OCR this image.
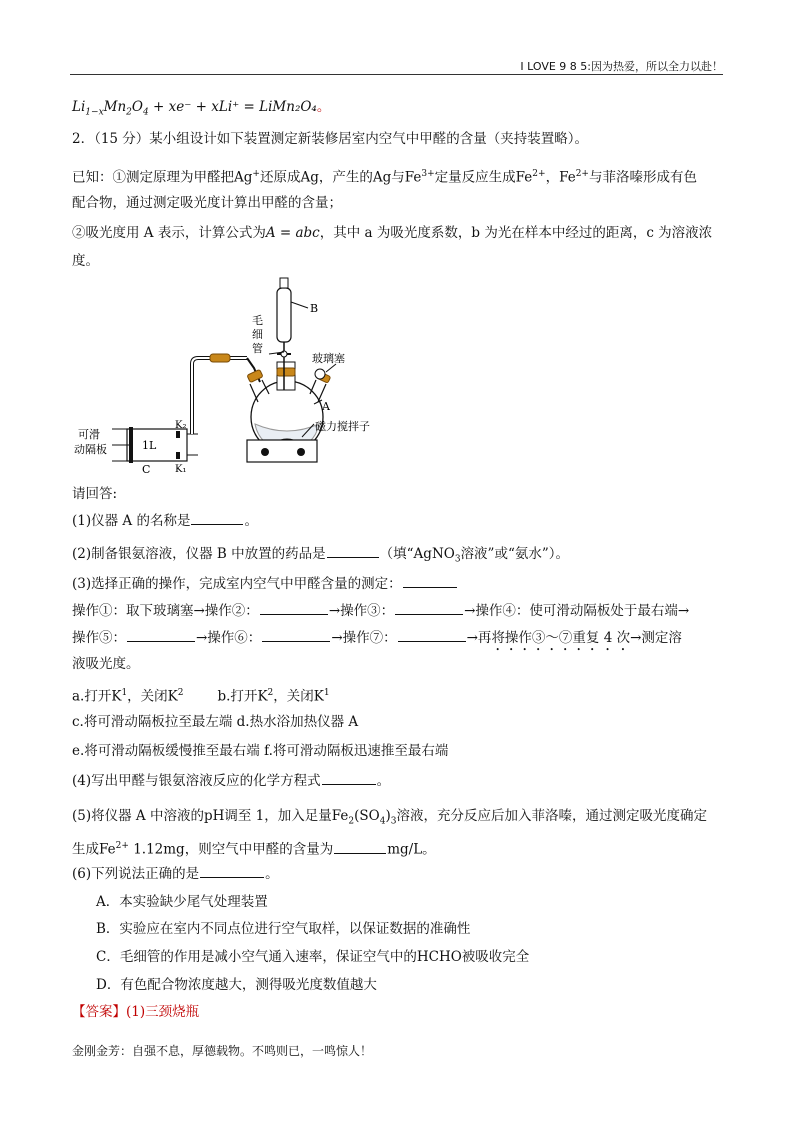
I LOVE 9 8 5:因为热爱，所以全力以赴！
$Li_{1-x}Mn_2O_4 + xe^- + xLi^+$ = LiMn₂O₄。
2．（15 分）某小组设计如下装置测定新装修居室内空气中甲醛的含量（夹持装置略）。
已知：①测定原理为甲醛把Ag+还原成Ag，产生的Ag与$Fe^{3+}$定量反应生成$Fe^{2+}$，$Fe^{2+}$与菲洛嗪形成有色
配合物，通过测定吸光度计算出甲醛的含量；
②吸光度用 A 表示，计算公式为A = abc，其中 a 为吸光度系数，b 为光在样本中经过的距离，c 为溶液浓
度。
B
毛
细
管
玻璃塞
A
磁力搅拌子
可滑
动隔板	1L
C
K₂
K₁
请回答:
(1)仪器 A 的名称是	。
(2)制备银氨溶液，仪器 B 中放置的药品是	（填“AgNO$_3$溶液”或“氨水”）。
(3)选择正确的操作，完成室内空气中甲醛含量的测定：
操作①：取下玻璃塞→操作②：	→操作③：	→操作④：使可滑动隔板处于最右端→
操作⑤：	→操作⑥：	→操作⑦：	→再将操作③～⑦重复 4 次→测定溶
液吸光度。
a.打开$K^1$，关闭$K^2$	b.打开$K^2$，关闭$K^1$
c.将可滑动隔板拉至最左端 d.热水浴加热仪器 A
e.将可滑动隔板缓慢推至最右端 f.将可滑动隔板迅速推至最右端
(4)写出甲醛与银氨溶液反应的化学方程式	。
(5)将仪器 A 中溶液的pH调至 1，加入足量$Fe_2(SO_4)_3$溶液，充分反应后加入菲洛嗪，通过测定吸光度确定
生成$Fe^{2+}$ 1.12mg，则空气中甲醛的含量为	mg/L。
(6)下列说法正确的是	。
A．本实验缺少尾气处理装置
B．实验应在室内不同点位进行空气取样，以保证数据的准确性
C．毛细管的作用是减小空气通入速率，保证空气中的HCHO被吸收完全
D．有色配合物浓度越大，测得吸光度数值越大
【答案】(1)三颈烧瓶
金刚金芳：自强不息，厚德载物。不鸣则已，一鸣惊人！
